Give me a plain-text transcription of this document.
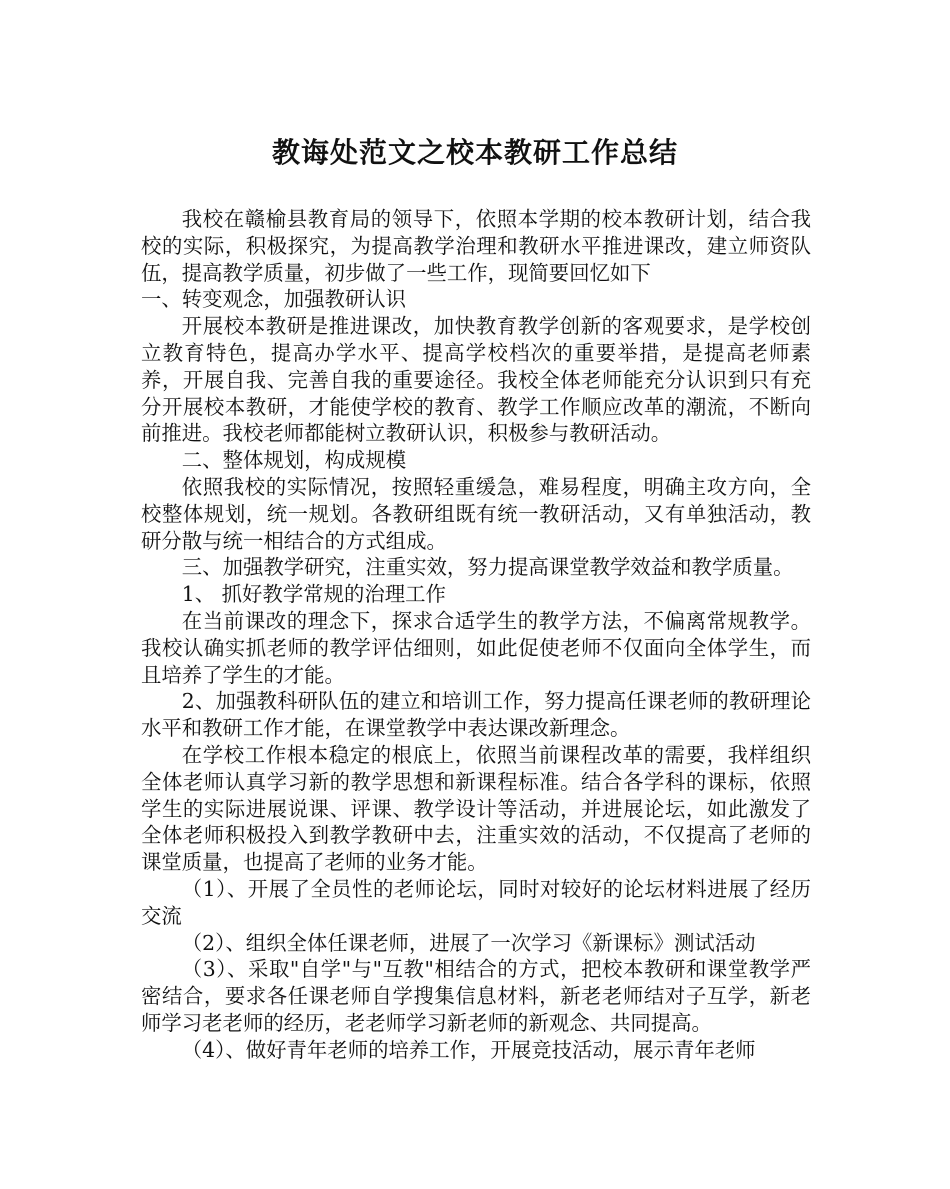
教诲处范文之校本教研工作总结

我校在赣榆县教育局的领导下，依照本学期的校本教研计划，结合我校的实际，积极探究，为提高教学治理和教研水平推进课改，建立师资队伍，提高教学质量，初步做了一些工作，现简要回忆如下

一、转变观念，加强教研认识

开展校本教研是推进课改，加快教育教学创新的客观要求，是学校创立教育特色，提高办学水平、提高学校档次的重要举措，是提高老师素养，开展自我、完善自我的重要途径。我校全体老师能充分认识到只有充分开展校本教研，才能使学校的教育、教学工作顺应改革的潮流，不断向前推进。我校老师都能树立教研认识，积极参与教研活动。

二、整体规划，构成规模

依照我校的实际情况，按照轻重缓急，难易程度，明确主攻方向，全校整体规划，统一规划。各教研组既有统一教研活动，又有单独活动，教研分散与统一相结合的方式组成。

三、加强教学研究，注重实效，努力提高课堂教学效益和教学质量。

1、 抓好教学常规的治理工作

在当前课改的理念下，探求合适学生的教学方法，不偏离常规教学。我校认确实抓老师的教学评估细则，如此促使老师不仅面向全体学生，而且培养了学生的才能。

2、加强教科研队伍的建立和培训工作，努力提高任课老师的教研理论水平和教研工作才能，在课堂教学中表达课改新理念。

在学校工作根本稳定的根底上，依照当前课程改革的需要，我样组织全体老师认真学习新的教学思想和新课程标准。结合各学科的课标，依照学生的实际进展说课、评课、教学设计等活动，并进展论坛，如此激发了全体老师积极投入到教学教研中去，注重实效的活动，不仅提高了老师的课堂质量，也提高了老师的业务才能。

（1）、开展了全员性的老师论坛，同时对较好的论坛材料进展了经历交流

（2）、组织全体任课老师，进展了一次学习《新课标》测试活动

（3）、采取"自学"与"互教"相结合的方式，把校本教研和课堂教学严密结合，要求各任课老师自学搜集信息材料，新老老师结对子互学，新老师学习老老师的经历，老老师学习新老师的新观念、共同提高。

（4）、做好青年老师的培养工作，开展竞技活动，展示青年老师
